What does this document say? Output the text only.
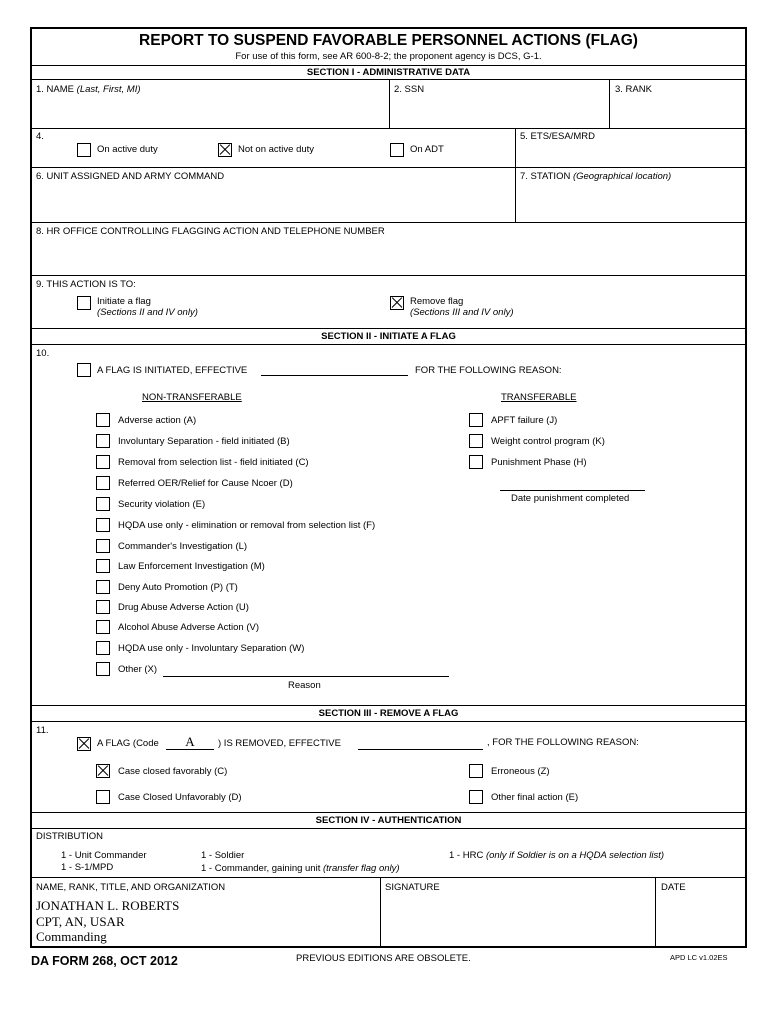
REPORT TO SUSPEND FAVORABLE PERSONNEL ACTIONS (FLAG)
For use of this form, see AR 600-8-2; the proponent agency is DCS, G-1.
SECTION I - ADMINISTRATIVE DATA
1. NAME (Last, First, MI)	2. SSN	3. RANK
4.
On active duty	Not on active duty	On ADT
5. ETS/ESA/MRD
6. UNIT ASSIGNED AND ARMY COMMAND	7. STATION (Geographical location)
8. HR OFFICE CONTROLLING FLAGGING ACTION AND TELEPHONE NUMBER
9. THIS ACTION IS TO:
Initiate a flag
(Sections II and IV only)
Remove flag
(Sections III and IV only)
SECTION II - INITIATE A FLAG
10.
A FLAG IS INITIATED, EFFECTIVE	FOR THE FOLLOWING REASON:
NON-TRANSFERABLE	TRANSFERABLE
Adverse action (A)
Involuntary Separation - field initiated (B)
Removal from selection list - field initiated (C)
Referred OER/Relief for Cause Ncoer (D)
Security violation (E)
HQDA use only - elimination or removal from selection list (F)
Commander's Investigation (L)
Law Enforcement Investigation (M)
Deny Auto Promotion (P) (T)
Drug Abuse Adverse Action (U)
Alcohol Abuse Adverse Action (V)
HQDA use only - Involuntary Separation (W)
Other (X)
APFT failure (J)
Weight control program (K)
Punishment Phase (H)
Date punishment completed
Reason
SECTION III - REMOVE A FLAG
11.
A FLAG (Code	A	) IS REMOVED, EFFECTIVE	, FOR THE FOLLOWING REASON:
Case closed favorably (C)	Erroneous (Z)
Case Closed Unfavorably (D)	Other final action (E)
SECTION IV - AUTHENTICATION
DISTRIBUTION
1 - Unit Commander
1 - S-1/MPD
1 - Soldier
1 - Commander, gaining unit (transfer flag only)
1 - HRC (only if Soldier is on a HQDA selection list)
NAME, RANK, TITLE, AND ORGANIZATION	SIGNATURE	DATE
JONATHAN L. ROBERTS
CPT, AN, USAR
Commanding
DA FORM 268, OCT 2012	PREVIOUS EDITIONS ARE OBSOLETE.	APD LC v1.02ES
